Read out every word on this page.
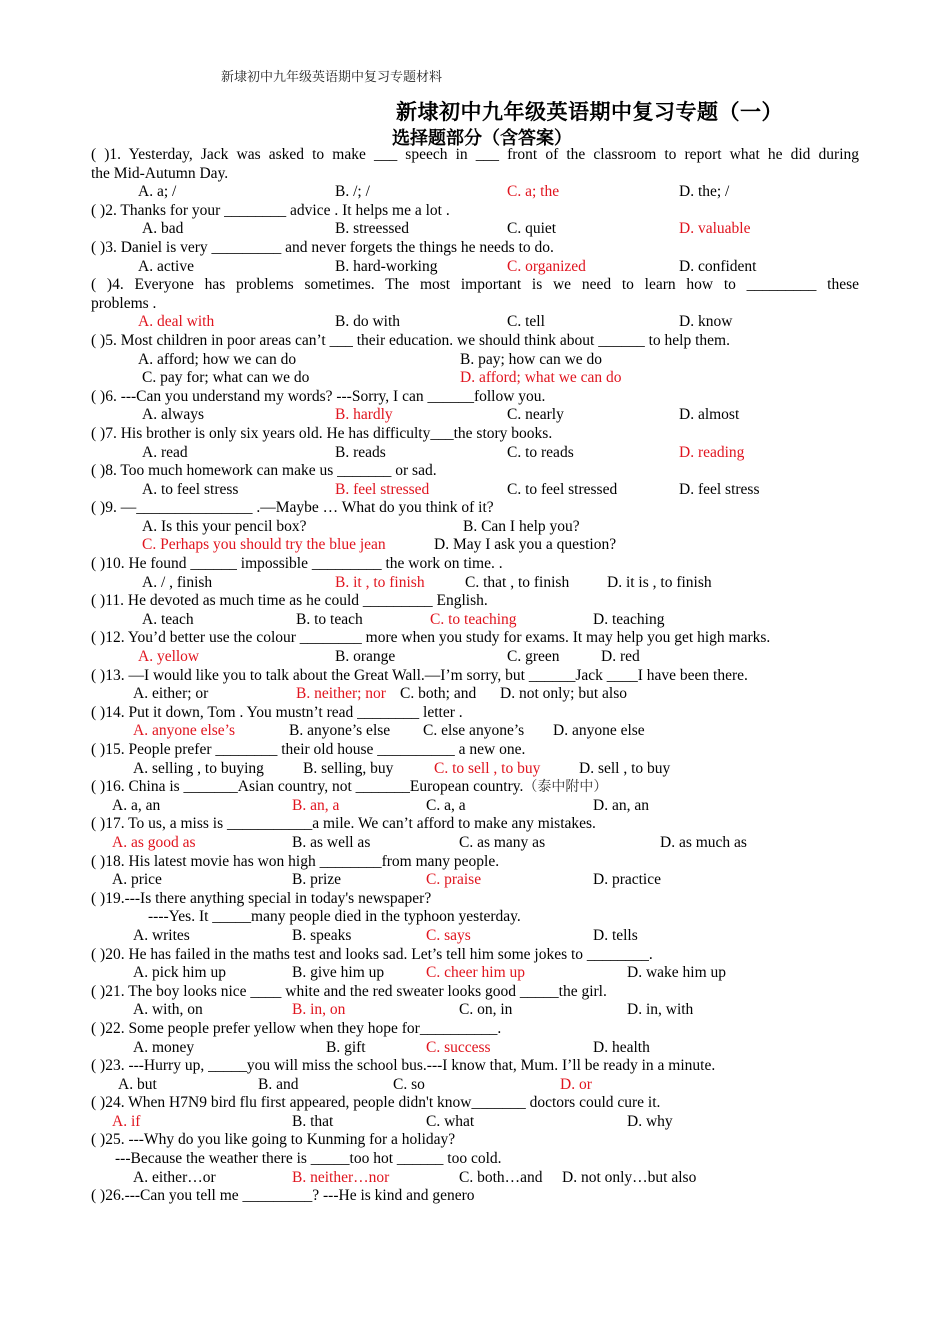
新埭初中九年级英语期中复习专题材料
新埭初中九年级英语期中复习专题（一）
选择题部分（含答案）
( )1. Yesterday, Jack was asked to make ___ speech in ___ front of the classroom to report what he did during
the Mid-Autumn Day.
A. a; /	B. /; /	C. a; the	D. the; /
( )2. Thanks for your ________ advice . It helps me a lot .
A. bad	B. streessed	C. quiet	D. valuable
( )3. Daniel is very _________ and never forgets the things he needs to do.
A. active	B. hard-working	C. organized	D. confident
( )4. Everyone has problems sometimes. The most important is we need to learn how to _________ these
problems .
A. deal with	B. do with	C. tell	D. know
( )5. Most children in poor areas can’t ___ their education. we should think about ______ to help them.
A. afford; how we can do	B. pay; how can we do
C. pay for; what can we do	D. afford; what we can do
( )6. ---Can you understand my words? ---Sorry, I can ______follow you.
A. always	B. hardly	C. nearly	D. almost
( )7. His brother is only six years old. He has difficulty___the story books.
A. read	B. reads	C. to reads	D. reading
( )8. Too much homework can make us _______ or sad.
A. to feel stress	B. feel stressed	C. to feel stressed	D. feel stress
( )9. —_______________ .—Maybe … What do you think of it?
A. Is this your pencil box?	B. Can I help you?
C. Perhaps you should try the blue jean	D. May I ask you a question?
( )10. He found ______ impossible _________ the work on time. .
A. / , finish	B. it , to finish	C. that , to finish D. it is , to finish
( )11. He devoted as much time as he could _________ English.
A. teach	B. to teach	C. to teaching	D. teaching
( )12. You’d better use the colour ________ more when you study for exams. It may help you get high marks.
A. yellow	B. orange	C. green	D. red
( )13. —I would like you to talk about the Great Wall.—I’m sorry, but ______Jack ____I have been there.
A. either; or	B. neither; nor C. both; and D. not only; but also
( )14. Put it down, Tom . You mustn’t read ________ letter .
A. anyone else’s	B. anyone’s else C. else anyone’s D. anyone else
( )15. People prefer ________ their old house __________ a new one.
A. selling , to buying	B. selling, buy	C. to sell , to buy D. sell , to buy
( )16. China is _______Asian country, not _______European country.（泰中附中）
A. a, an	B. an, a	C. a, a	D. an, an
( )17. To us, a miss is ___________a mile. We can’t afford to make any mistakes.
A. as good as	B. as well as	C. as many as	D. as much as
( )18. His latest movie has won high ________from many people.
A. price	B. prize	C. praise	D. practice
( )19.---Is there anything special in today's newspaper?
----Yes. It _____many people died in the typhoon yesterday.
A. writes	B. speaks	C. says	D. tells
( )20. He has failed in the maths test and looks sad. Let’s tell him some jokes to ________.
A. pick him up	B. give him up	C. cheer him up	D. wake him up
( )21. The boy looks nice ____ white and the red sweater looks good _____the girl.
A. with, on	B. in, on	C. on, in	D. in, with
( )22. Some people prefer yellow when they hope for__________.
A. money	B. gift	C. success	D. health
( )23. ---Hurry up, _____you will miss the school bus.---I know that, Mum. I’ll be ready in a minute.
A. but	B. and	C. so	D. or
( )24. When H7N9 bird flu first appeared, people didn't know_______ doctors could cure it.
A. if	B. that	C. what	D. why
( )25. ---Why do you like going to Kunming for a holiday?
---Because the weather there is _____too hot ______ too cold.
A. either…or	B. neither…nor	C. both…and D. not only…but also
( )26.---Can you tell me _________? ---He is kind and genero
